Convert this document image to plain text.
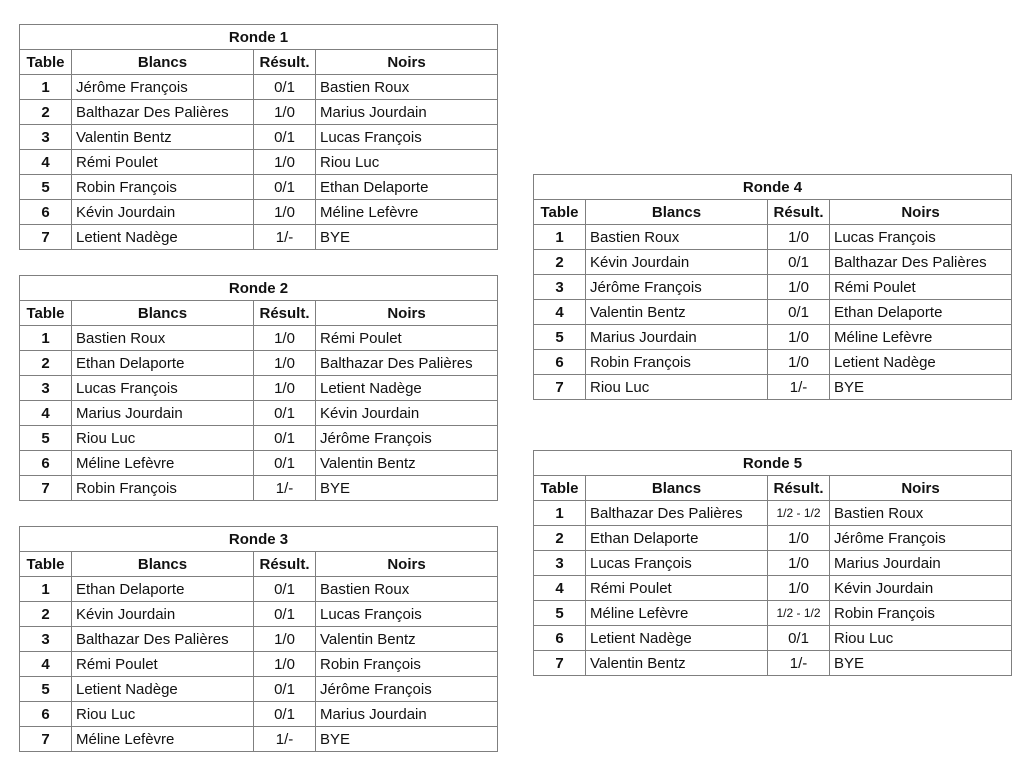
Ronde 1			
Table	Blancs	Résult.	Noirs
1	Jérôme François	0/1	Bastien Roux
2	Balthazar Des Palières	1/0	Marius Jourdain
3	Valentin Bentz	0/1	Lucas François
4	Rémi Poulet	1/0	Riou Luc
5	Robin François	0/1	Ethan Delaporte
6	Kévin Jourdain	1/0	Méline Lefèvre
7	Letient Nadège	1/-	BYE
Ronde 2			
Table	Blancs	Résult.	Noirs
1	Bastien Roux	1/0	Rémi Poulet
2	Ethan Delaporte	1/0	Balthazar Des Palières
3	Lucas François	1/0	Letient Nadège
4	Marius Jourdain	0/1	Kévin Jourdain
5	Riou Luc	0/1	Jérôme François
6	Méline Lefèvre	0/1	Valentin Bentz
7	Robin François	1/-	BYE
Ronde 3			
Table	Blancs	Résult.	Noirs
1	Ethan Delaporte	0/1	Bastien Roux
2	Kévin Jourdain	0/1	Lucas François
3	Balthazar Des Palières	1/0	Valentin Bentz
4	Rémi Poulet	1/0	Robin François
5	Letient Nadège	0/1	Jérôme François
6	Riou Luc	0/1	Marius Jourdain
7	Méline Lefèvre	1/-	BYE
Ronde 4			
Table	Blancs	Résult.	Noirs
1	Bastien Roux	1/0	Lucas François
2	Kévin Jourdain	0/1	Balthazar Des Palières
3	Jérôme François	1/0	Rémi Poulet
4	Valentin Bentz	0/1	Ethan Delaporte
5	Marius Jourdain	1/0	Méline Lefèvre
6	Robin François	1/0	Letient Nadège
7	Riou Luc	1/-	BYE
Ronde 5			
Table	Blancs	Résult.	Noirs
1	Balthazar Des Palières	1/2 - 1/2	Bastien Roux
2	Ethan Delaporte	1/0	Jérôme François
3	Lucas François	1/0	Marius Jourdain
4	Rémi Poulet	1/0	Kévin Jourdain
5	Méline Lefèvre	1/2 - 1/2	Robin François
6	Letient Nadège	0/1	Riou Luc
7	Valentin Bentz	1/-	BYE
